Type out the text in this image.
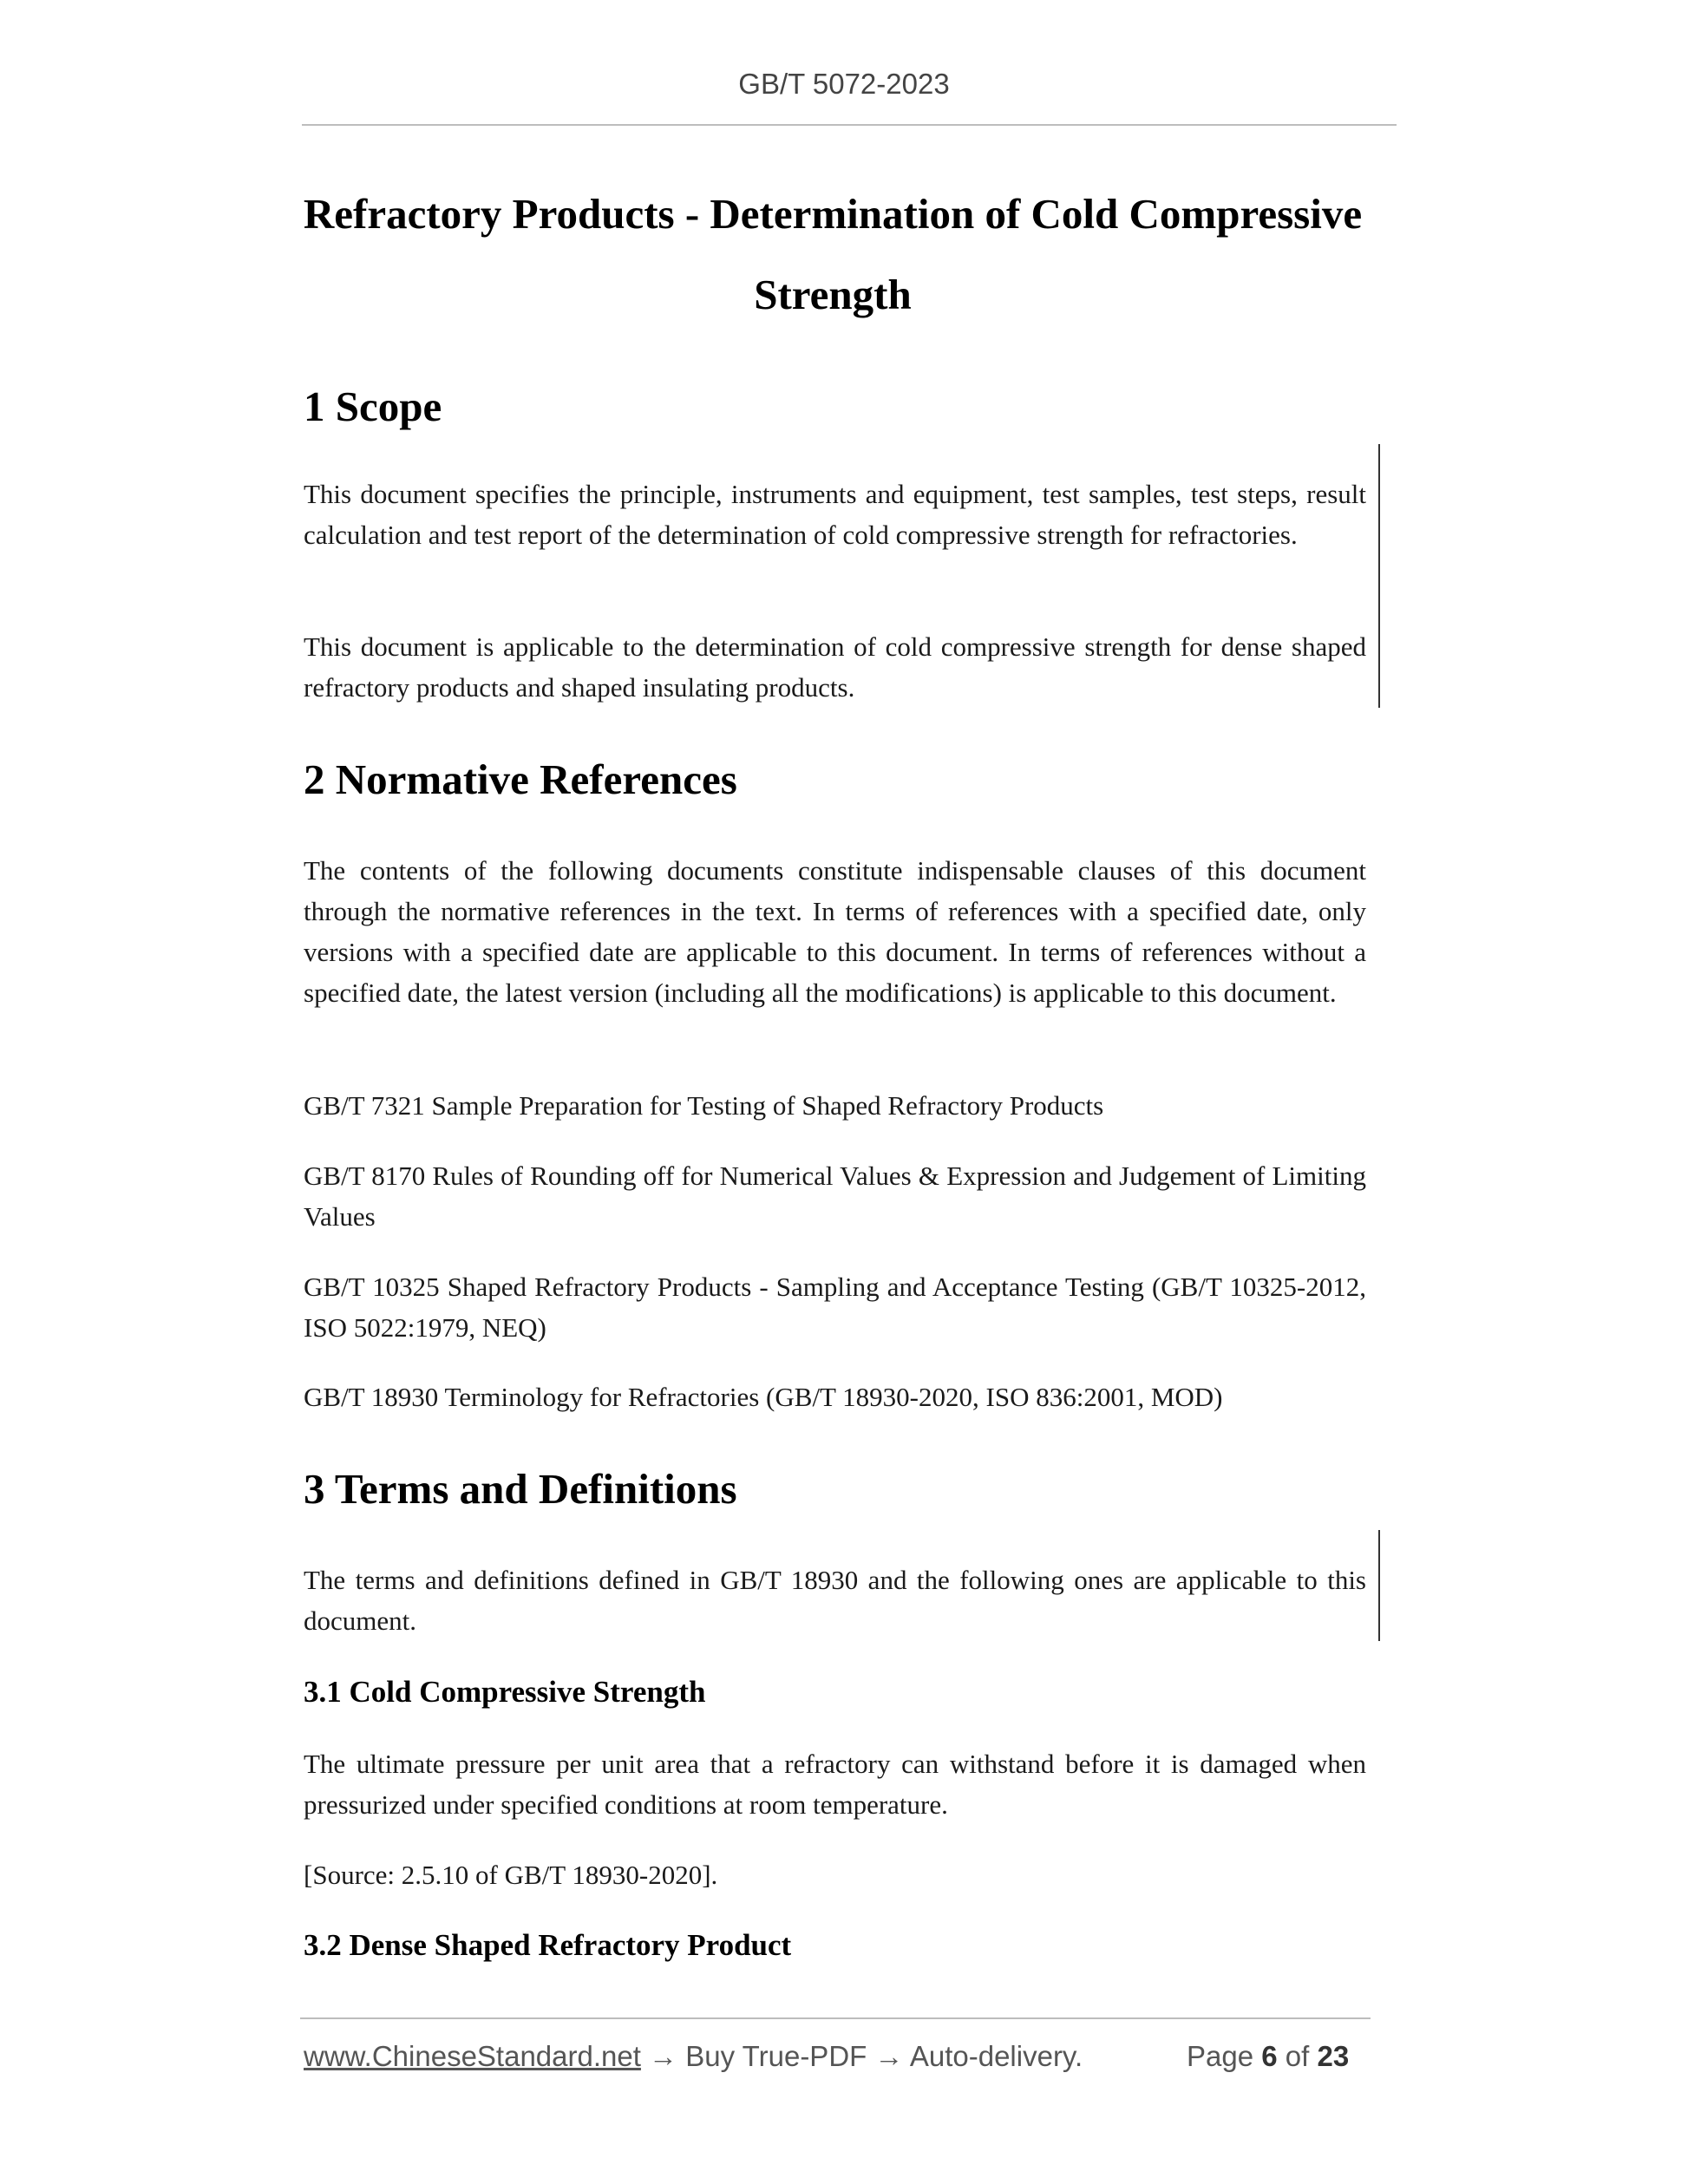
GB/T 5072-2023
Refractory Products - Determination of Cold Compressive Strength
1 Scope

This document specifies the principle, instruments and equipment, test samples, test steps, result calculation and test report of the determination of cold compressive strength for refractories.

This document is applicable to the determination of cold compressive strength for dense shaped refractory products and shaped insulating products.

2 Normative References

The contents of the following documents constitute indispensable clauses of this document through the normative references in the text. In terms of references with a specified date, only versions with a specified date are applicable to this document. In terms of references without a specified date, the latest version (including all the modifications) is applicable to this document.

GB/T 7321 Sample Preparation for Testing of Shaped Refractory Products

GB/T 8170 Rules of Rounding off for Numerical Values & Expression and Judgement of Limiting Values

GB/T 10325 Shaped Refractory Products - Sampling and Acceptance Testing (GB/T 10325-2012, ISO 5022:1979, NEQ)

GB/T 18930 Terminology for Refractories (GB/T 18930-2020, ISO 836:2001, MOD)

3 Terms and Definitions

The terms and definitions defined in GB/T 18930 and the following ones are applicable to this document.

3.1 Cold Compressive Strength

The ultimate pressure per unit area that a refractory can withstand before it is damaged when pressurized under specified conditions at room temperature.

[Source: 2.5.10 of GB/T 18930-2020].

3.2 Dense Shaped Refractory Product
www.ChineseStandard.net → Buy True-PDF → Auto-delivery.	Page 6 of 23
